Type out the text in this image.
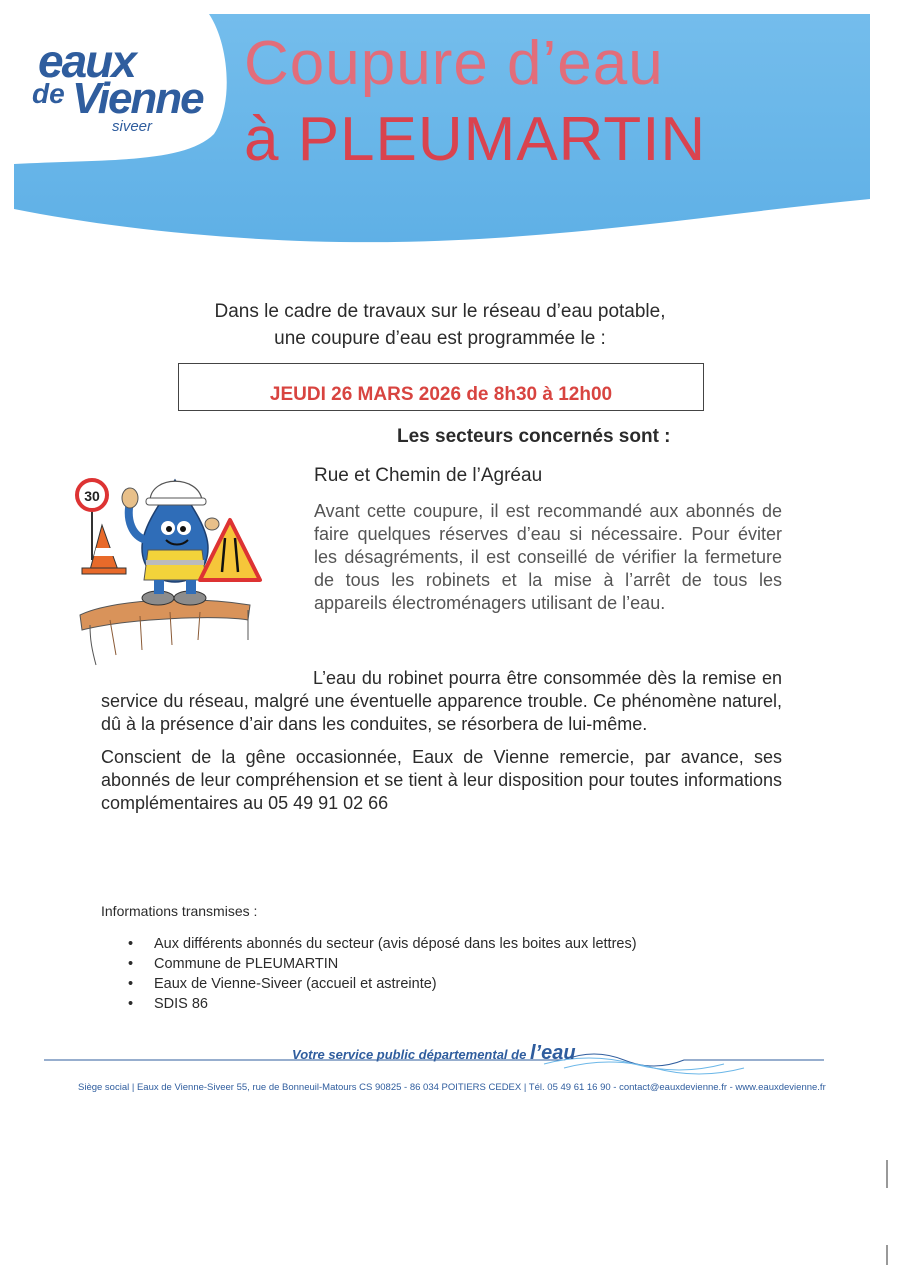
eaux
de Vienne
siveer
Coupure d’eau
à PLEUMARTIN
Dans le cadre de travaux sur le réseau d’eau potable,
une coupure d’eau est programmée le :
JEUDI 26 MARS 2026 de 8h30 à 12h00
Les secteurs concernés sont :
Rue et Chemin de l’Agréau
Avant cette coupure, il est recommandé aux abonnés de faire quelques réserves d’eau si nécessaire. Pour éviter les désagréments, il est conseillé de vérifier la fermeture de tous les robinets et la mise à l’arrêt de tous les appareils électroménagers utilisant de l’eau.
30
L’eau du robinet pourra être consommée dès la remise en service du réseau, malgré une éventuelle apparence trouble. Ce phénomène naturel, dû à la présence d’air dans les conduites, se résorbera de lui-même.
Conscient de la gêne occasionnée, Eaux de Vienne remercie, par avance, ses abonnés de leur compréhension et se tient à leur disposition pour toutes informations complémentaires au 05 49 91 02 66
Informations transmises :
• Aux différents abonnés du secteur (avis déposé dans les boites aux lettres)
• Commune de PLEUMARTIN
• Eaux de Vienne-Siveer (accueil et astreinte)
• SDIS 86
Votre service public départemental de l’eau
Siège social | Eaux de Vienne-Siveer 55, rue de Bonneuil-Matours CS 90825 - 86 034 POITIERS CEDEX | Tél. 05 49 61 16 90 - contact@eauxdevienne.fr - www.eauxdevienne.fr
